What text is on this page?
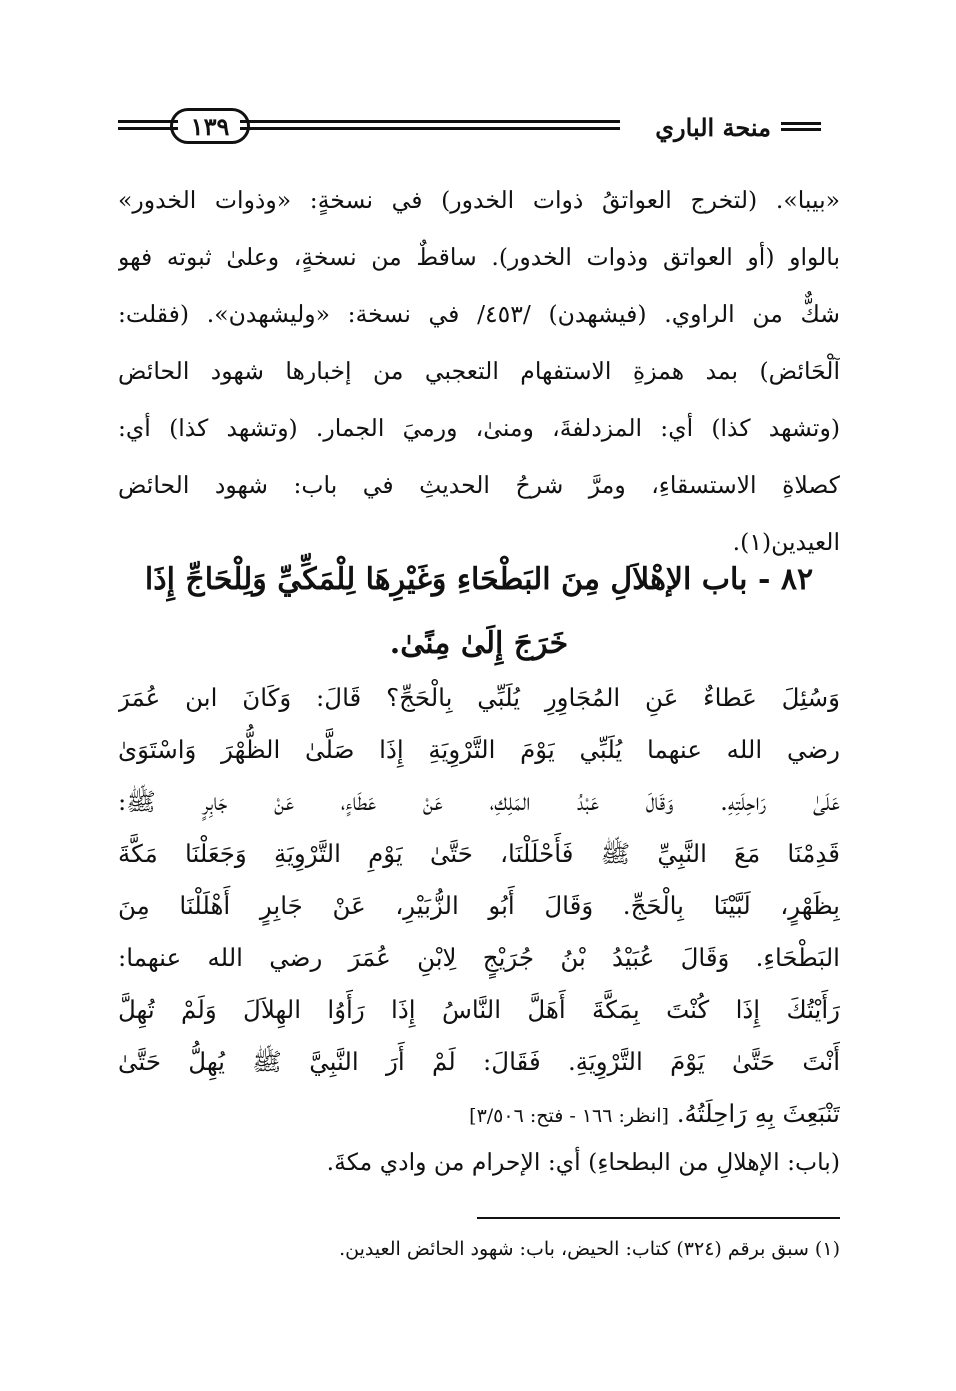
منحة الباري
١٣٩
«بيبا». (لتخرج العواتقُ ذوات الخدور) في نسخةٍ: «وذوات الخدور»
بالواو (أو العواتق وذوات الخدور). ساقطٌ من نسخةٍ، وعلىٰ ثبوته فهو
شكٌّ من الراوي. (فيشهدن) /٤٥٣/ في نسخة: «وليشهدن». (فقلت:
آلْحَائض) بمد همزةِ الاستفهام التعجبي من إخبارها شهود الحائض
(وتشهد كذا) أي: المزدلفةَ، ومنىٰ، ورميَ الجمار. (وتشهد كذا) أي:
كصلاةِ الاستسقاءِ، ومرَّ شرحُ الحديثِ في باب: شهود الحائض
العيدين(١).
٨٢ - باب الإهْلاَلِ مِنَ البَطْحَاءِ وَغَيْرِهَا لِلْمَكِّيِّ وَلِلْحَاجِّ إِذَا
خَرَجَ إِلَىٰ مِنًىٰ.
وَسُئِلَ عَطاءٌ عَنِ المُجَاوِرِ يُلَبِّي بِالْحَجِّ؟ قَالَ: وَكَانَ ابن عُمَرَ
رضي الله عنهما يُلَبِّي يَوْمَ التَّرْوِيَةِ إِذَا صَلَّىٰ الظُّهْرَ وَاسْتَوَىٰ
عَلَىٰ رَاحِلَتِهِ. وَقَالَ عَبْدُ المَلِكِ، عَنْ عَطَاءٍ، عَنْ جَابِرٍ ﷺ:
قَدِمْنَا مَعَ النَّبِيِّ ﷺ فَأَحْلَلْنَا، حَتَّىٰ يَوْمِ التَّرْوِيَةِ وَجَعَلْنَا مَكَّةَ
بِظَهْرٍ، لَبَّيْنَا بِالْحَجِّ. وَقَالَ أَبُو الزُّبَيْرِ، عَنْ جَابِرٍ أَهْلَلْنَا مِنَ
البَطْحَاءِ. وَقَالَ عُبَيْدُ بْنُ جُرَيْجٍ لِابْنِ عُمَرَ رضي الله عنهما:
رَأَيْتُكَ إِذَا كُنْتَ بِمَكَّةَ أَهَلَّ النَّاسُ إِذَا رَأَوُا الهِلاَلَ وَلَمْ تُهِلَّ
أَنْتَ حَتَّىٰ يَوْمَ التَّرْوِيَةِ. فَقَالَ: لَمْ أَرَ النَّبِيَّ ﷺ يُهِلُّ حَتَّىٰ
تَنْبَعِثَ بِهِ رَاحِلَتُهُ. [انظر: ١٦٦ - فتح: ٣/٥٠٦]
(باب: الإهلالِ من البطحاءِ) أي: الإحرام من وادي مكةَ.
(١) سبق برقم (٣٢٤) كتاب: الحيض، باب: شهود الحائض العيدين.
